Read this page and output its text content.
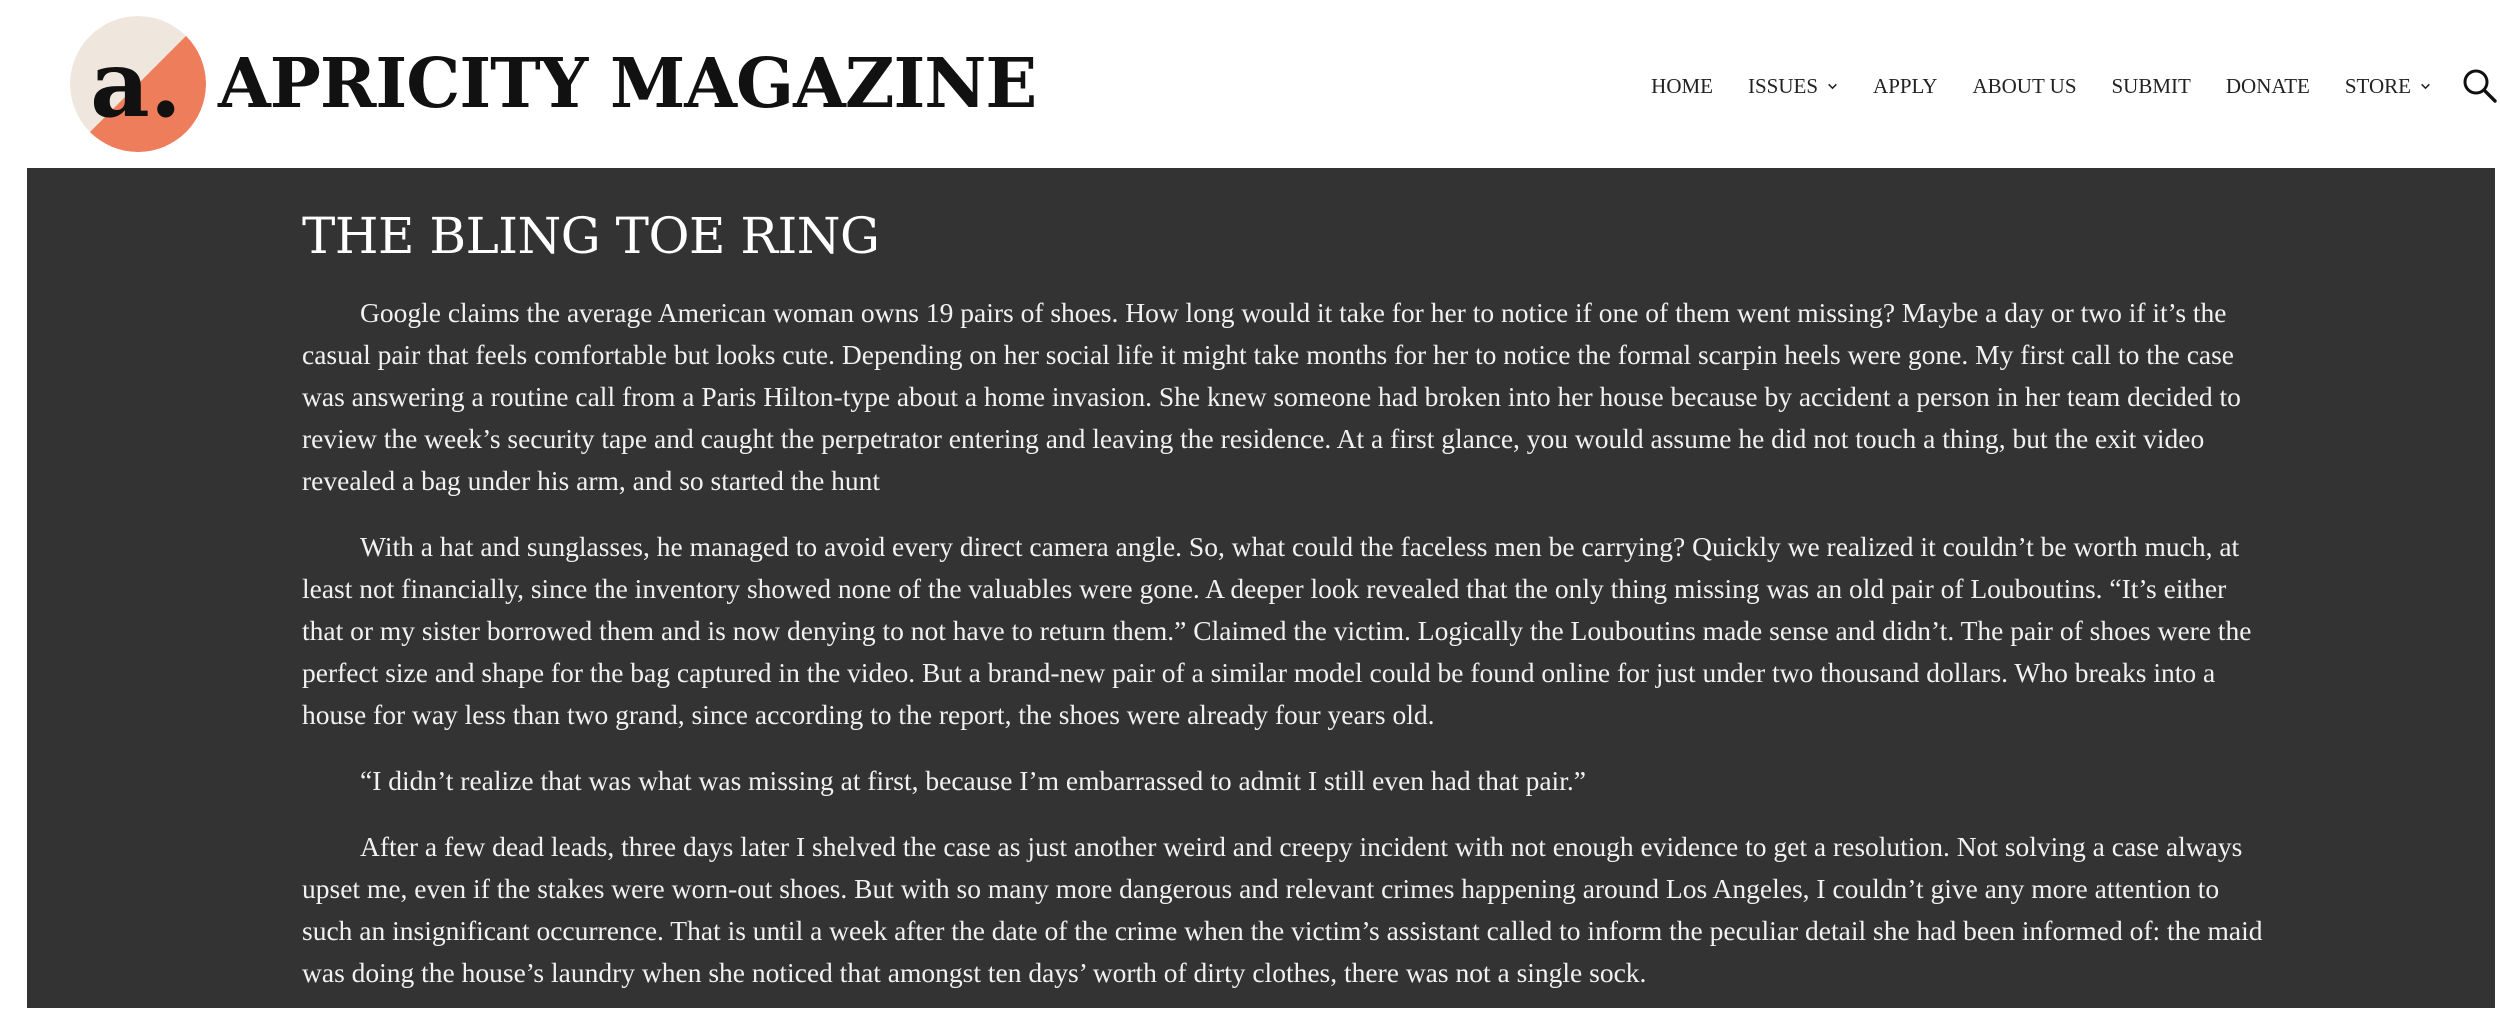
a. APRICITY MAGAZINE	HOME ISSUES	APPLY ABOUT US SUBMIT DONATE STORE
THE BLING TOE RING

Google claims the average American woman owns 19 pairs of shoes. How long would it take for her to notice if one of them went missing? Maybe a day or two if it’s the casual pair that feels comfortable but looks cute. Depending on her social life it might take months for her to notice the formal scarpin heels were gone. My first call to the case was answering a routine call from a Paris Hilton-type about a home invasion. She knew someone had broken into her house because by accident a person in her team decided to review the week’s security tape and caught the perpetrator entering and leaving the residence. At a first glance, you would assume he did not touch a thing, but the exit video revealed a bag under his arm, and so started the hunt

With a hat and sunglasses, he managed to avoid every direct camera angle. So, what could the faceless men be carrying? Quickly we realized it couldn’t be worth much, at least not financially, since the inventory showed none of the valuables were gone. A deeper look revealed that the only thing missing was an old pair of Louboutins. “It’s either that or my sister borrowed them and is now denying to not have to return them.” Claimed the victim. Logically the Louboutins made sense and didn’t. The pair of shoes were the perfect size and shape for the bag captured in the video. But a brand-new pair of a similar model could be found online for just under two thousand dollars. Who breaks into a house for way less than two grand, since according to the report, the shoes were already four years old.

“I didn’t realize that was what was missing at first, because I’m embarrassed to admit I still even had that pair.”

After a few dead leads, three days later I shelved the case as just another weird and creepy incident with not enough evidence to get a resolution. Not solving a case always upset me, even if the stakes were worn-out shoes. But with so many more dangerous and relevant crimes happening around Los Angeles, I couldn’t give any more attention to such an insignificant occurrence. That is until a week after the date of the crime when the victim’s assistant called to inform the peculiar detail she had been informed of: the maid was doing the house’s laundry when she noticed that amongst ten days’ worth of dirty clothes, there was not a single sock.
